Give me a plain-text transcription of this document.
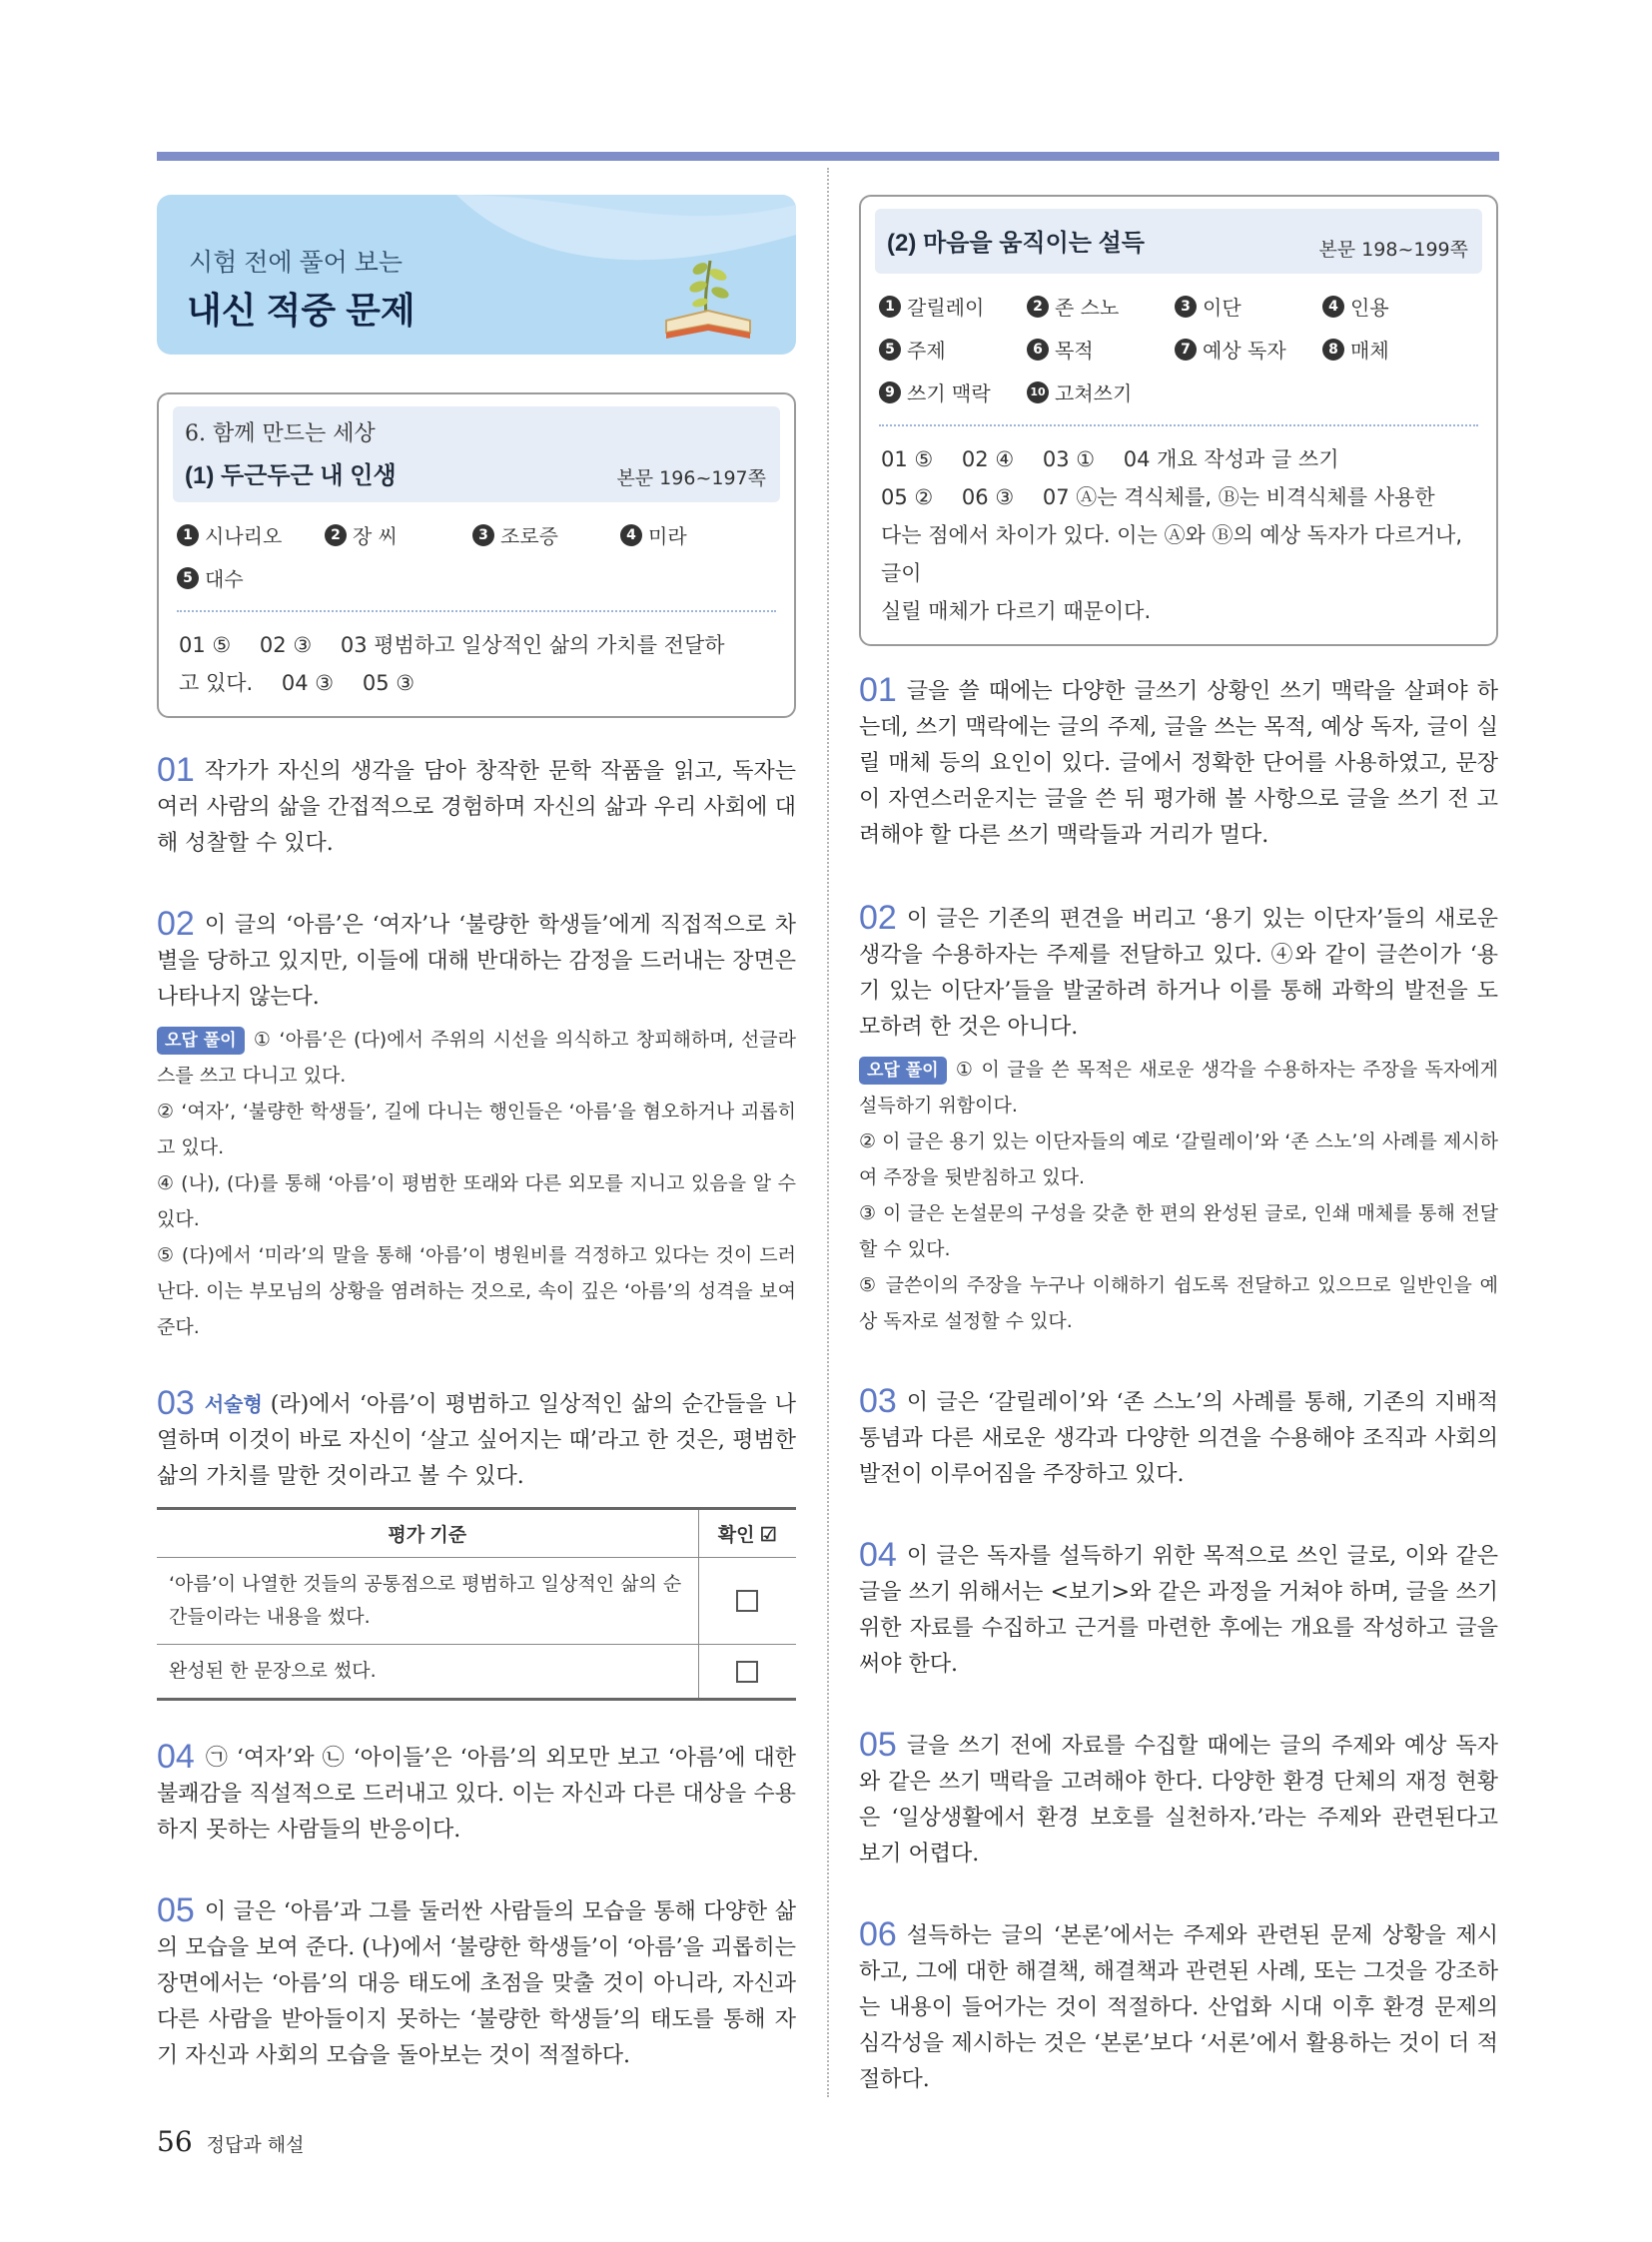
시험 전에 풀어 보는
내신 적중 문제
6. 함께 만드는 세상
(1) 두근두근 내 인생	본문 196~197쪽
1 시나리오	2 장 씨	3 조로증	4 미라
5 대수
01 ⑤ 02 ③ 03 평범하고 일상적인 삶의 가치를 전달하
고 있다. 04 ③ 05 ③

01 작가가 자신의 생각을 담아 창작한 문학 작품을 읽고, 독자는 여러 사람의 삶을 간접적으로 경험하며 자신의 삶과 우리 사회에 대해 성찰할 수 있다.

02 이 글의 ‘아름’은 ‘여자’나 ‘불량한 학생들’에게 직접적으로 차별을 당하고 있지만, 이들에 대해 반대하는 감정을 드러내는 장면은 나타나지 않는다.

오답 풀이 ① ‘아름’은 (다)에서 주위의 시선을 의식하고 창피해하며, 선글라스를 쓰고 다니고 있다.
② ‘여자’, ‘불량한 학생들’, 길에 다니는 행인들은 ‘아름’을 혐오하거나 괴롭히고 있다.
④ (나), (다)를 통해 ‘아름’이 평범한 또래와 다른 외모를 지니고 있음을 알 수 있다.
⑤ (다)에서 ‘미라’의 말을 통해 ‘아름’이 병원비를 걱정하고 있다는 것이 드러난다. 이는 부모님의 상황을 염려하는 것으로, 속이 깊은 ‘아름’의 성격을 보여 준다.

03 서술형 (라)에서 ‘아름’이 평범하고 일상적인 삶의 순간들을 나열하며 이것이 바로 자신이 ‘살고 싶어지는 때’라고 한 것은, 평범한 삶의 가치를 말한 것이라고 볼 수 있다.

평가 기준	확인 ☑
‘아름’이 나열한 것들의 공통점으로 평범하고 일상적인 삶의 순간들이라는 내용을 썼다.	
완성된 한 문장으로 썼다.	

04 ㉠ ‘여자’와 ㉡ ‘아이들’은 ‘아름’의 외모만 보고 ‘아름’에 대한 불쾌감을 직설적으로 드러내고 있다. 이는 자신과 다른 대상을 수용하지 못하는 사람들의 반응이다.

05 이 글은 ‘아름’과 그를 둘러싼 사람들의 모습을 통해 다양한 삶의 모습을 보여 준다. (나)에서 ‘불량한 학생들’이 ‘아름’을 괴롭히는 장면에서는 ‘아름’의 대응 태도에 초점을 맞출 것이 아니라, 자신과 다른 사람을 받아들이지 못하는 ‘불량한 학생들’의 태도를 통해 자기 자신과 사회의 모습을 돌아보는 것이 적절하다.

(2) 마음을 움직이는 설득	본문 198~199쪽
1 갈릴레이	2 존 스노	3 이단	4 인용
5 주제	6 목적	7 예상 독자	8 매체
9 쓰기 맥락	10 고쳐쓰기
01 ⑤ 02 ④ 03 ① 04 개요 작성과 글 쓰기
05 ② 06 ③ 07 Ⓐ는 격식체를, Ⓑ는 비격식체를 사용한
다는 점에서 차이가 있다. 이는 Ⓐ와 Ⓑ의 예상 독자가 다르거나, 글이
실릴 매체가 다르기 때문이다.

01 글을 쓸 때에는 다양한 글쓰기 상황인 쓰기 맥락을 살펴야 하는데, 쓰기 맥락에는 글의 주제, 글을 쓰는 목적, 예상 독자, 글이 실릴 매체 등의 요인이 있다. 글에서 정확한 단어를 사용하였고, 문장이 자연스러운지는 글을 쓴 뒤 평가해 볼 사항으로 글을 쓰기 전 고려해야 할 다른 쓰기 맥락들과 거리가 멀다.

02 이 글은 기존의 편견을 버리고 ‘용기 있는 이단자’들의 새로운 생각을 수용하자는 주제를 전달하고 있다. ④와 같이 글쓴이가 ‘용기 있는 이단자’들을 발굴하려 하거나 이를 통해 과학의 발전을 도모하려 한 것은 아니다.

오답 풀이 ① 이 글을 쓴 목적은 새로운 생각을 수용하자는 주장을 독자에게 설득하기 위함이다.
② 이 글은 용기 있는 이단자들의 예로 ‘갈릴레이’와 ‘존 스노’의 사례를 제시하여 주장을 뒷받침하고 있다.
③ 이 글은 논설문의 구성을 갖춘 한 편의 완성된 글로, 인쇄 매체를 통해 전달할 수 있다.
⑤ 글쓴이의 주장을 누구나 이해하기 쉽도록 전달하고 있으므로 일반인을 예상 독자로 설정할 수 있다.

03 이 글은 ‘갈릴레이’와 ‘존 스노’의 사례를 통해, 기존의 지배적 통념과 다른 새로운 생각과 다양한 의견을 수용해야 조직과 사회의 발전이 이루어짐을 주장하고 있다.

04 이 글은 독자를 설득하기 위한 목적으로 쓰인 글로, 이와 같은 글을 쓰기 위해서는 <보기>와 같은 과정을 거쳐야 하며, 글을 쓰기 위한 자료를 수집하고 근거를 마련한 후에는 개요를 작성하고 글을 써야 한다.

05 글을 쓰기 전에 자료를 수집할 때에는 글의 주제와 예상 독자와 같은 쓰기 맥락을 고려해야 한다. 다양한 환경 단체의 재정 현황은 ‘일상생활에서 환경 보호를 실천하자.’라는 주제와 관련된다고 보기 어렵다.

06 설득하는 글의 ‘본론’에서는 주제와 관련된 문제 상황을 제시하고, 그에 대한 해결책, 해결책과 관련된 사례, 또는 그것을 강조하는 내용이 들어가는 것이 적절하다. 산업화 시대 이후 환경 문제의 심각성을 제시하는 것은 ‘본론’보다 ‘서론’에서 활용하는 것이 더 적절하다.

56 정답과 해설
